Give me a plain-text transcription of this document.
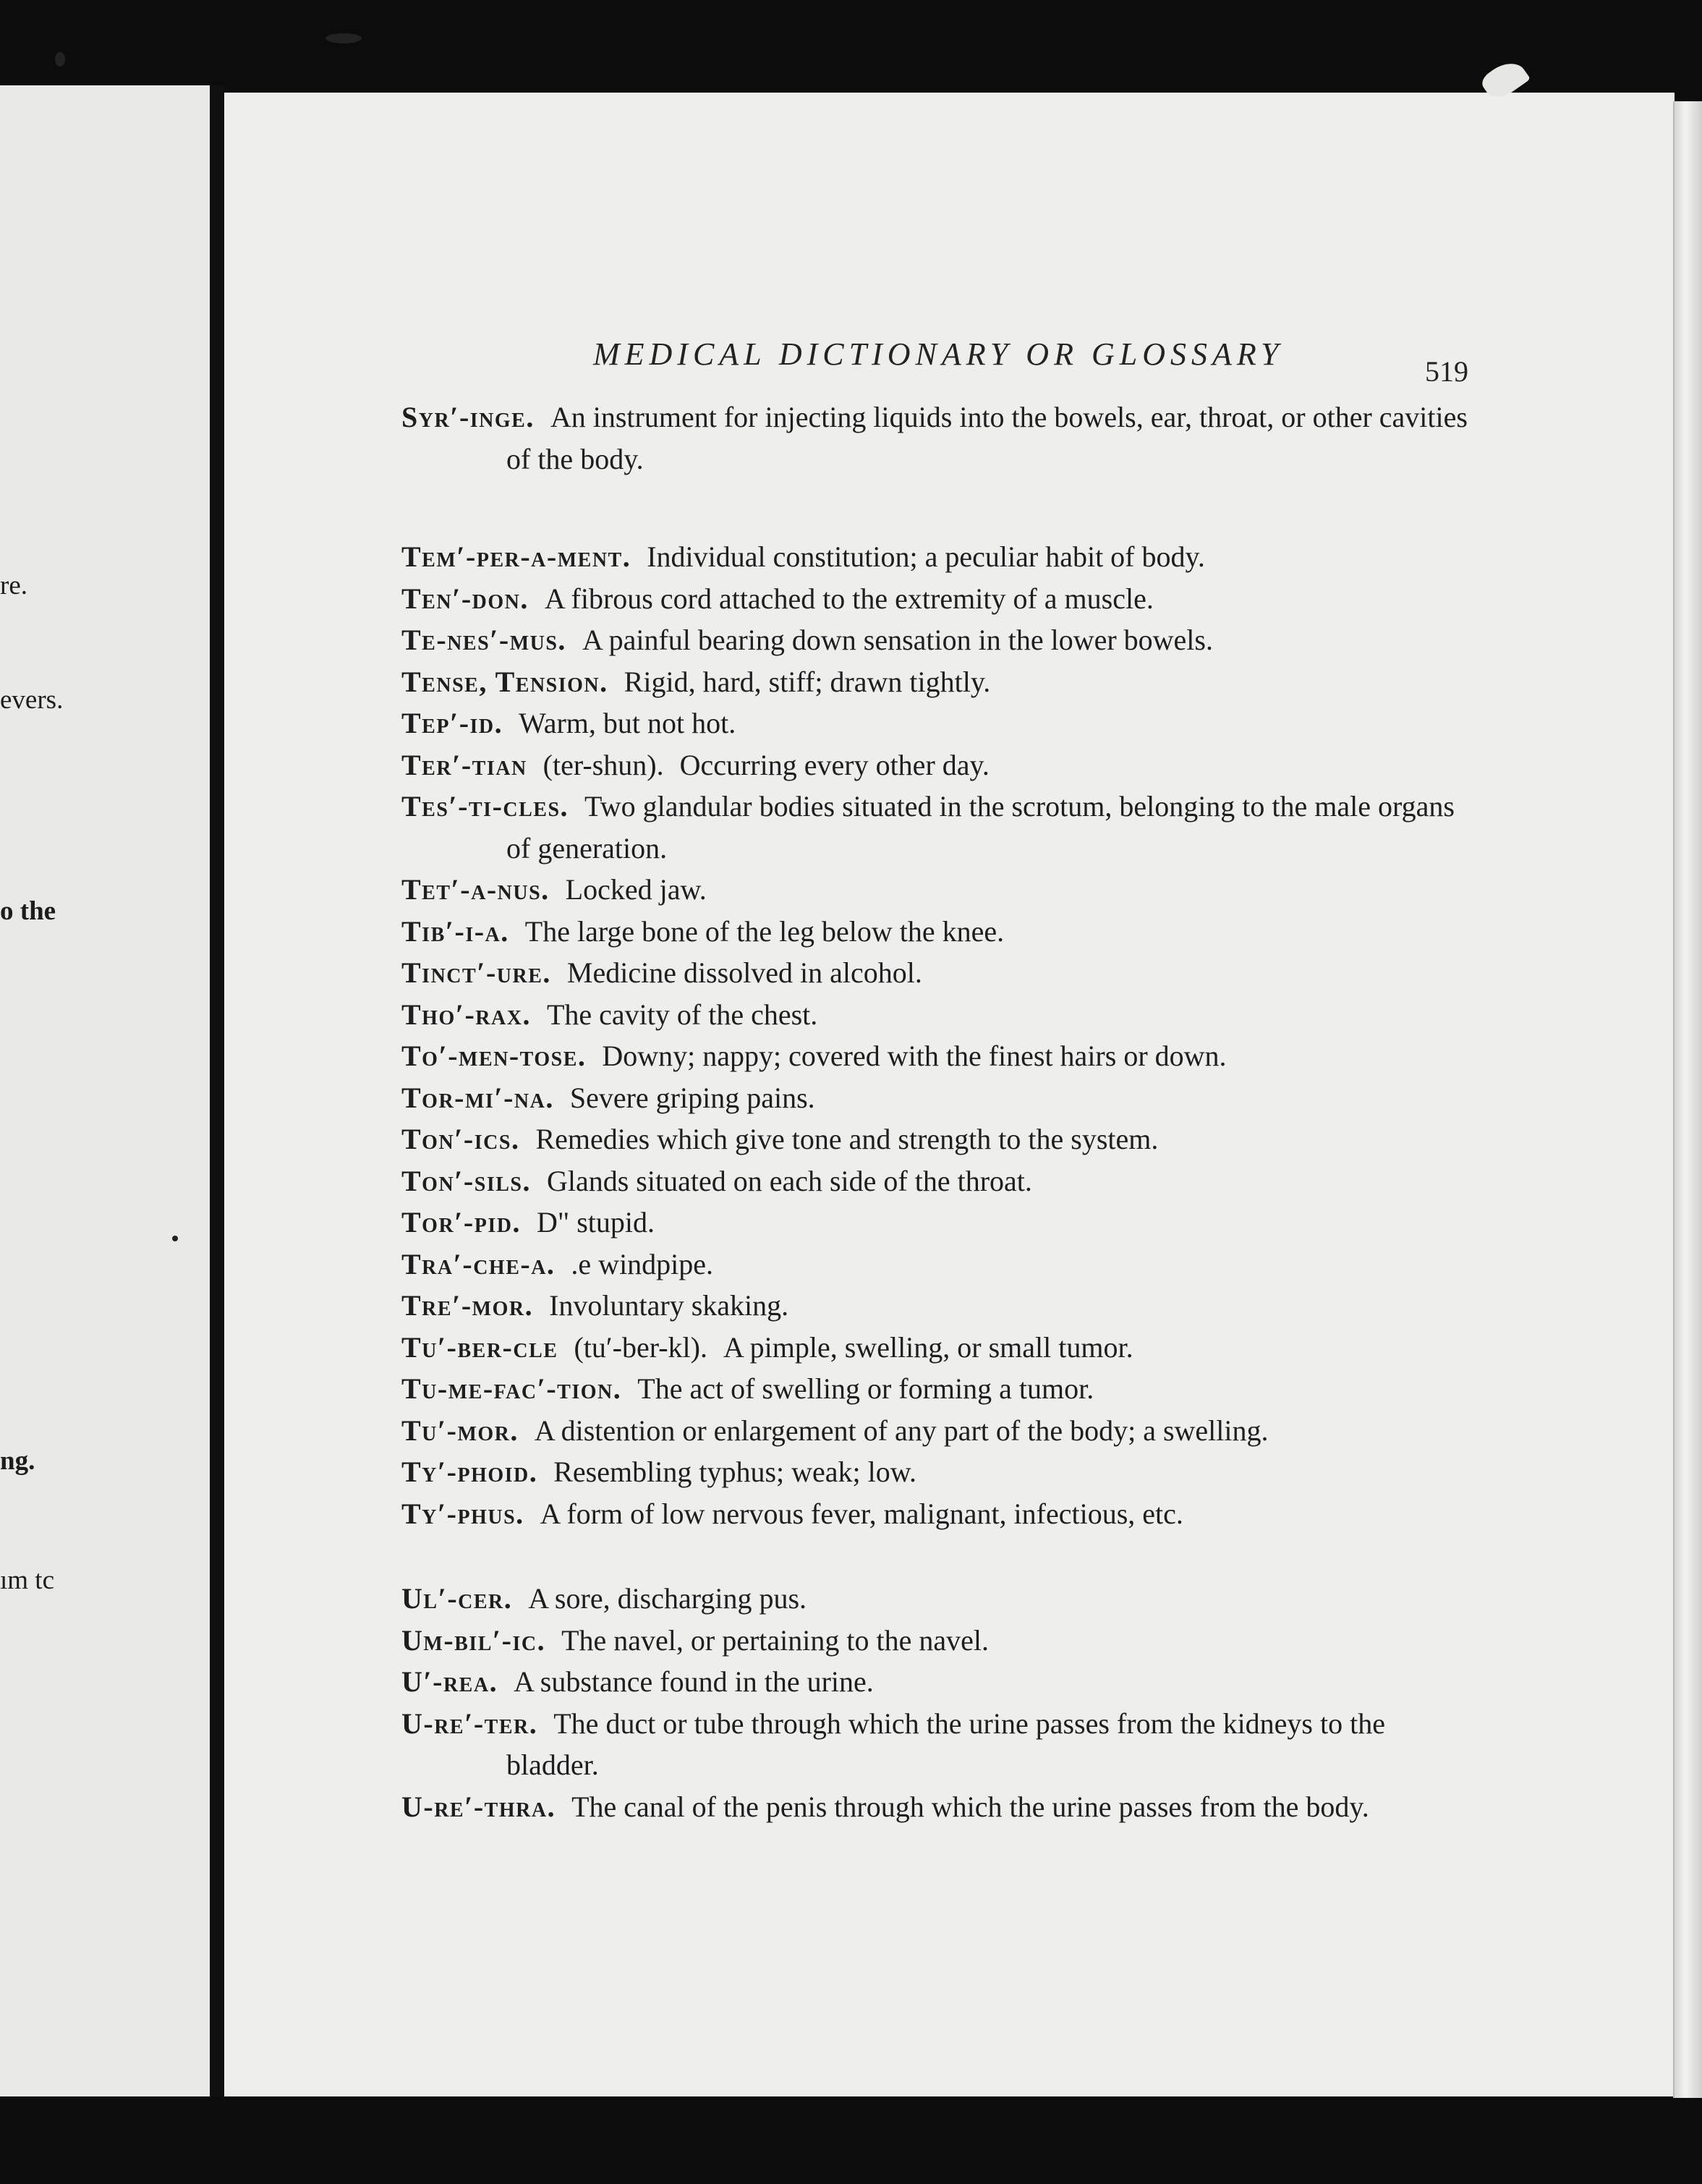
re.
evers.
o the
ng.
ım tc
MEDICAL DICTIONARY OR GLOSSARY	519
Syr′-inge. An instrument for injecting liquids into the bowels, ear, throat, or other cavities of the body.
Tem′-per-a-ment. Individual constitution; a peculiar habit of body.
Ten′-don. A fibrous cord attached to the extremity of a muscle.
Te-nes′-mus. A painful bearing down sensation in the lower bowels.
Tense, Tension. Rigid, hard, stiff; drawn tightly.
Tep′-id. Warm, but not hot.
Ter′-tian (ter-shun). Occurring every other day.
Tes′-ti-cles. Two glandular bodies situated in the scrotum, belonging to the male organs of generation.
Tet′-a-nus. Locked jaw.
Tib′-i-a. The large bone of the leg below the knee.
Tinct′-ure. Medicine dissolved in alcohol.
Tho′-rax. The cavity of the chest.
To′-men-tose. Downy; nappy; covered with the finest hairs or down.
Tor-mi′-na. Severe griping pains.
Ton′-ics. Remedies which give tone and strength to the system.
Ton′-sils. Glands situated on each side of the throat.
Tor′-pid. D" stupid.
Tra′-che-a. .e windpipe.
Tre′-mor. Involuntary skaking.
Tu′-ber-cle (tu′-ber-kl). A pimple, swelling, or small tumor.
Tu-me-fac′-tion. The act of swelling or forming a tumor.
Tu′-mor. A distention or enlargement of any part of the body; a swelling.
Ty′-phoid. Resembling typhus; weak; low.
Ty′-phus. A form of low nervous fever, malignant, infectious, etc.
Ul′-cer. A sore, discharging pus.
Um-bil′-ic. The navel, or pertaining to the navel.
U′-rea. A substance found in the urine.
U-re′-ter. The duct or tube through which the urine passes from the kidneys to the bladder.
U-re′-thra. The canal of the penis through which the urine passes from the body.
